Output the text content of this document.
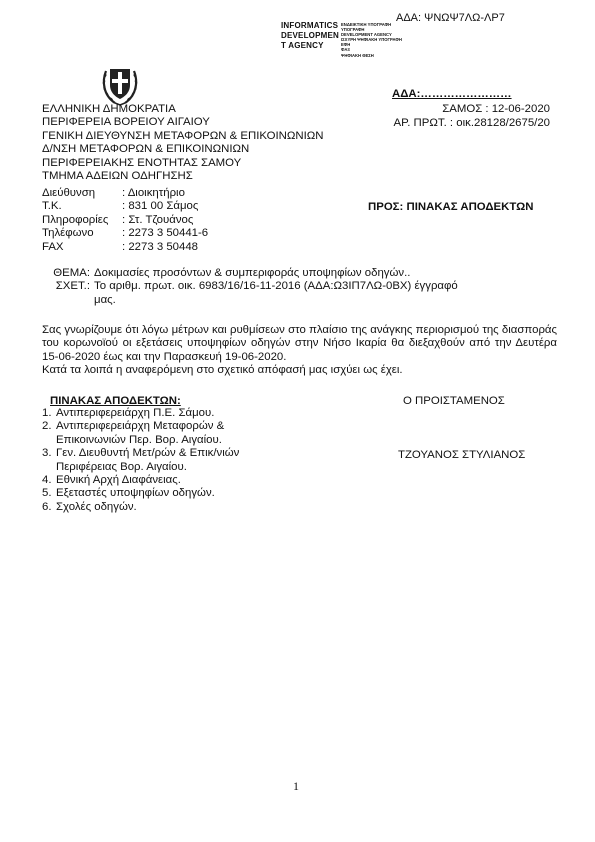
ΑΔΑ: ΨΝΩΨ7ΛΩ-ΛΡ7
INFORMATICS
DEVELOPMEN
T AGENCY
ΕΝΔΕΙΚΤΙΚΗ ΥΠΟΓΡΑΦΗ
ΥΠΟΓΡΑΦΗ
DEVELOPMENT AGENCY
ΙΣΧΥΡΗ ΨΗΦΙΑΚΗ ΥΠΟΓΡΑΦΗ
ΕΦΗ
ΦΑΞ
ΨΗΦΙΑΚΗ ΘΕΣΗ
ΑΔΑ:……………………
ΕΛΛΗΝΙΚΗ ΔΗΜΟΚΡΑΤΙΑ
ΠΕΡΙΦΕΡΕΙΑ ΒΟΡΕΙΟΥ ΑΙΓΑΙΟΥ
ΓΕΝΙΚΗ ΔΙΕΥΘΥΝΣΗ ΜΕΤΑΦΟΡΩΝ & ΕΠΙΚΟΙΝΩΝΙΩΝ
Δ/ΝΣΗ ΜΕΤΑΦΟΡΩΝ & ΕΠΙΚΟΙΝΩΝΙΩΝ
ΠΕΡΙΦΕΡΕΙΑΚΗΣ ΕΝΟΤΗΤΑΣ ΣΑΜΟΥ
ΤΜΗΜΑ ΑΔΕΙΩΝ ΟΔΗΓΗΣΗΣ
ΣΑΜΟΣ : 12-06-2020
ΑΡ. ΠΡΩΤ. : οικ.28128/2675/20
Διεύθυνση	: Διοικητήριο
Τ.Κ.	: 831 00 Σάμος
Πληροφορίες	: Στ. Τζουάνος
Τηλέφωνο	: 2273 3 50441-6
FAX	: 2273 3 50448
ΠΡΟΣ: ΠΙΝΑΚΑΣ ΑΠΟΔΕΚΤΩΝ
ΘΕΜΑ: Δοκιμασίες προσόντων & συμπεριφοράς υποψηφίων οδηγών..
ΣΧΕΤ.: Το αριθμ. πρωτ. οικ. 6983/16/16-11-2016 (ΑΔΑ:Ω3ΙΠ7ΛΩ-0ΒΧ) έγγραφό
μας.

Σας γνωρίζουμε ότι λόγω μέτρων και ρυθμίσεων στο πλαίσιο της ανάγκης περιορισμού της διασποράς του κορωνοϊού οι εξετάσεις υποψηφίων οδηγών στην Νήσο Ικαρία θα διεξαχθούν από την Δευτέρα 15-06-2020 έως και την Παρασκευή 19-06-2020.

Κατά τα λοιπά η αναφερόμενη στο σχετικό απόφασή μας ισχύει ως έχει.

ΠΙΝΑΚΑΣ ΑΠΟΔΕΚΤΩΝ:	Ο ΠΡΟΙΣΤΑΜΕΝΟΣ
1. Αντιπεριφερειάρχη Π.Ε. Σάμου.
2. Αντιπεριφερειάρχη Μεταφορών &
Επικοινωνιών Περ. Βορ. Αιγαίου.
3. Γεν. Διευθυντή Μετ/ρών & Επικ/νιών
Περιφέρειας Βορ. Αιγαίου.
4. Εθνική Αρχή Διαφάνειας.
5. Εξεταστές υποψηφίων οδηγών.
6. Σχολές οδηγών.
ΤΖΟΥΑΝΟΣ ΣΤΥΛΙΑΝΟΣ
1
